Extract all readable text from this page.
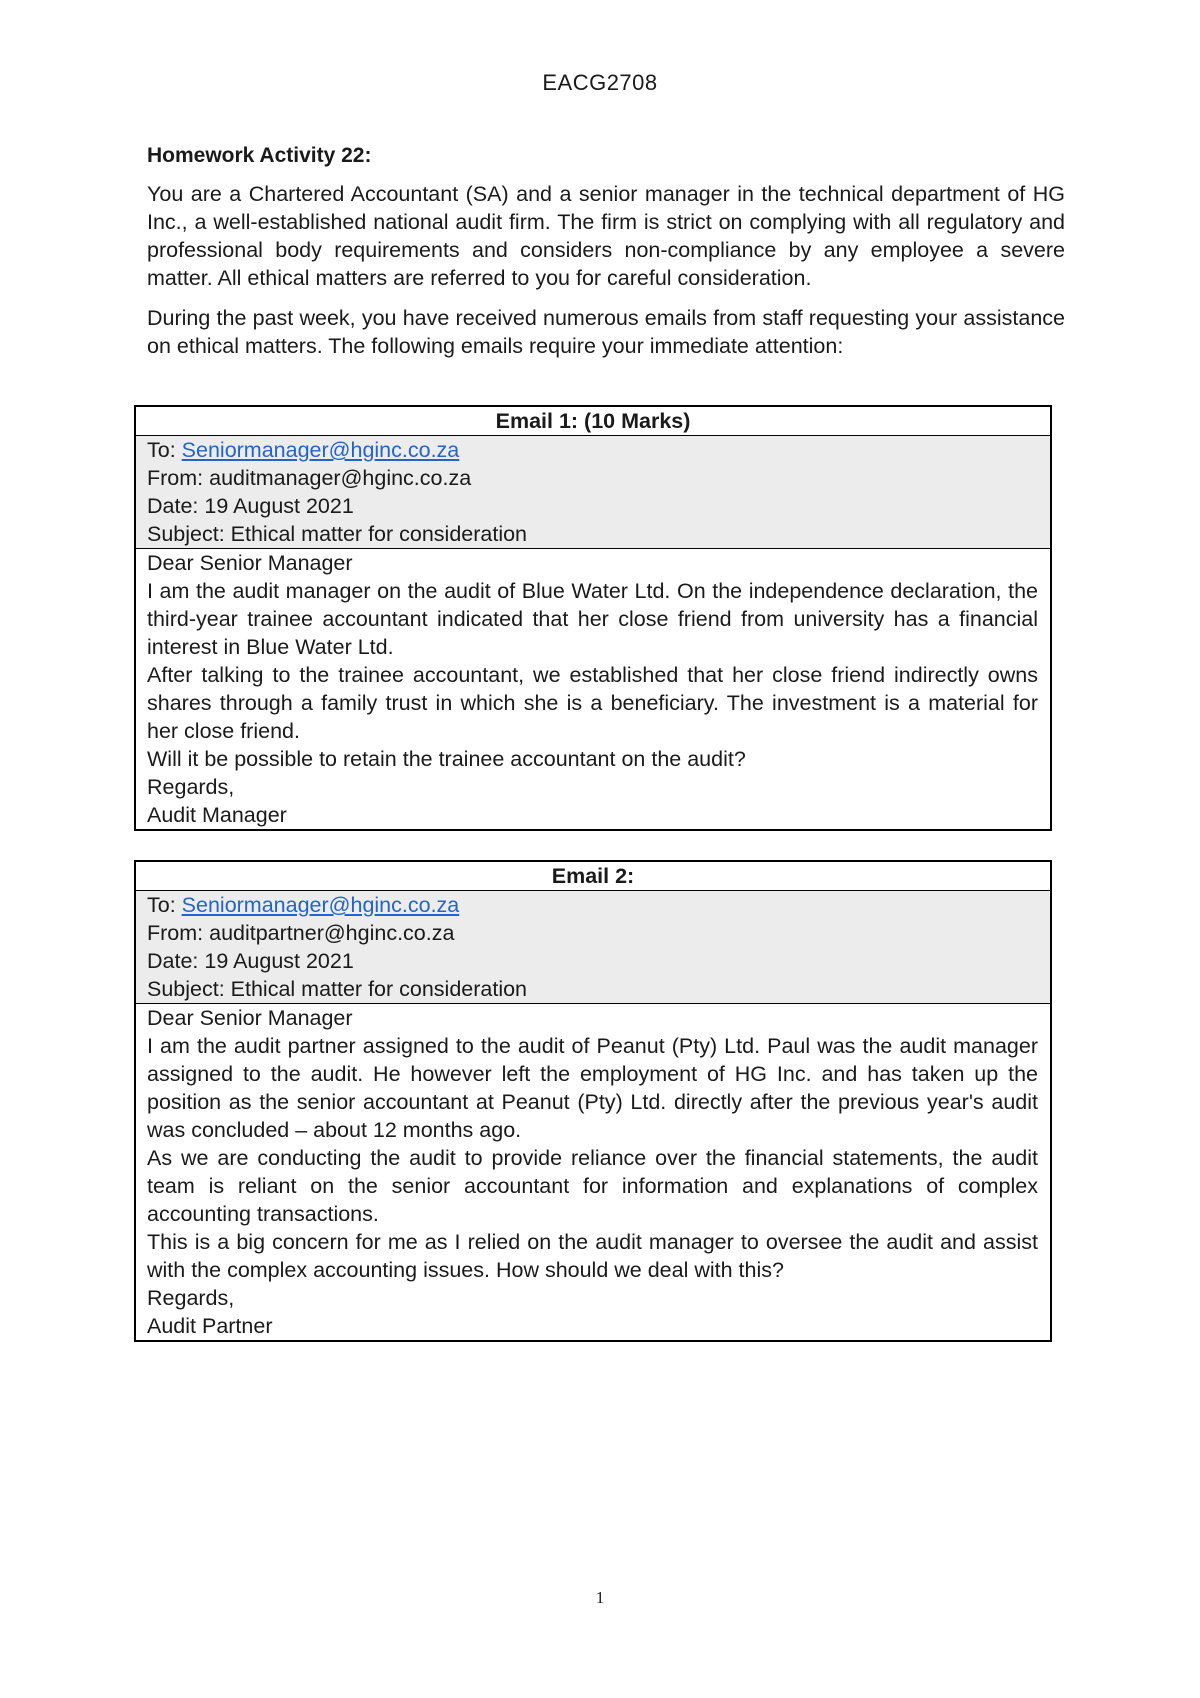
EACG2708
Homework Activity 22:

You are a Chartered Accountant (SA) and a senior manager in the technical department of HG Inc., a well-established national audit firm. The firm is strict on complying with all regulatory and professional body requirements and considers non-compliance by any employee a severe matter. All ethical matters are referred to you for careful consideration.

During the past week, you have received numerous emails from staff requesting your assistance on ethical matters. The following emails require your immediate attention:

Email 1: (10 Marks)
To: Seniormanager@hginc.co.za
From: auditmanager@hginc.co.za
Date: 19 August 2021
Subject: Ethical matter for consideration

Dear Senior Manager

I am the audit manager on the audit of Blue Water Ltd. On the independence declaration, the third-year trainee accountant indicated that her close friend from university has a financial interest in Blue Water Ltd.

After talking to the trainee accountant, we established that her close friend indirectly owns shares through a family trust in which she is a beneficiary. The investment is a material for her close friend.

Will it be possible to retain the trainee accountant on the audit?

Regards,

Audit Manager

Email 2:
To: Seniormanager@hginc.co.za
From: auditpartner@hginc.co.za
Date: 19 August 2021
Subject: Ethical matter for consideration

Dear Senior Manager

I am the audit partner assigned to the audit of Peanut (Pty) Ltd. Paul was the audit manager assigned to the audit. He however left the employment of HG Inc. and has taken up the position as the senior accountant at Peanut (Pty) Ltd. directly after the previous year's audit was concluded – about 12 months ago.

As we are conducting the audit to provide reliance over the financial statements, the audit team is reliant on the senior accountant for information and explanations of complex accounting transactions.

This is a big concern for me as I relied on the audit manager to oversee the audit and assist with the complex accounting issues. How should we deal with this?

Regards,

Audit Partner

1
